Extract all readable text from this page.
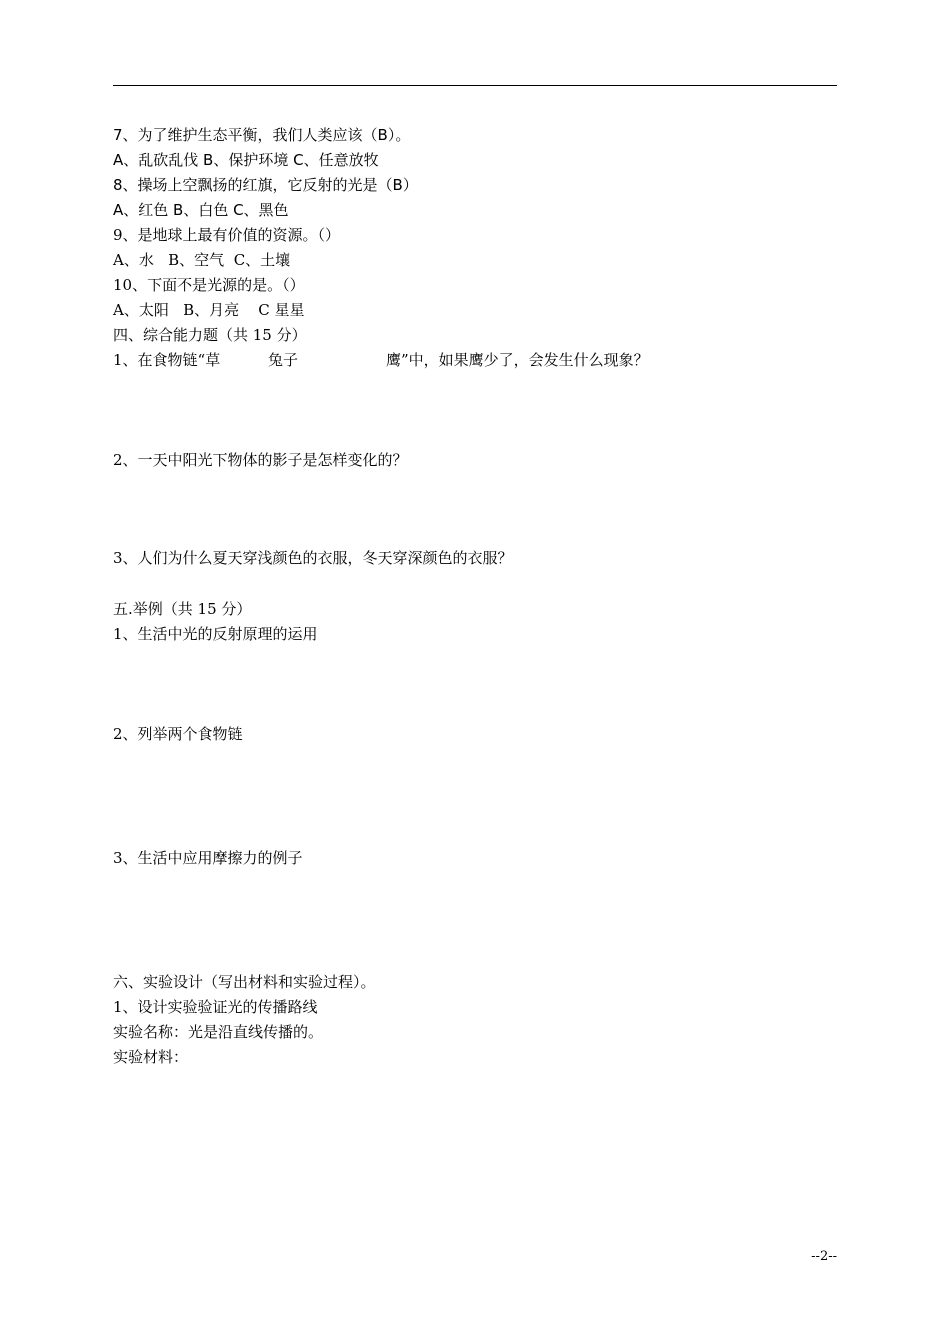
7、为了维护生态平衡，我们人类应该（B）。
A、乱砍乱伐 B、保护环境 C、任意放牧
8、操场上空飘扬的红旗，它反射的光是（B）
A、红色 B、白色 C、黑色
9、是地球上最有价值的资源。（）
A、水   B、空气  C、土壤
10、下面不是光源的是。（）
A、太阳   B、月亮    C 星星
四、综合能力题（共 15 分）
1、在食物链“草	兔子	鹰”中，如果鹰少了，会发生什么现象？
2、一天中阳光下物体的影子是怎样变化的？
3、人们为什么夏天穿浅颜色的衣服，冬天穿深颜色的衣服？
五.举例（共 15 分）
1、生活中光的反射原理的运用
2、列举两个食物链
3、生活中应用摩擦力的例子
六、实验设计（写出材料和实验过程）。
1、设计实验验证光的传播路线
实验名称：光是沿直线传播的。
实验材料：
--2--
